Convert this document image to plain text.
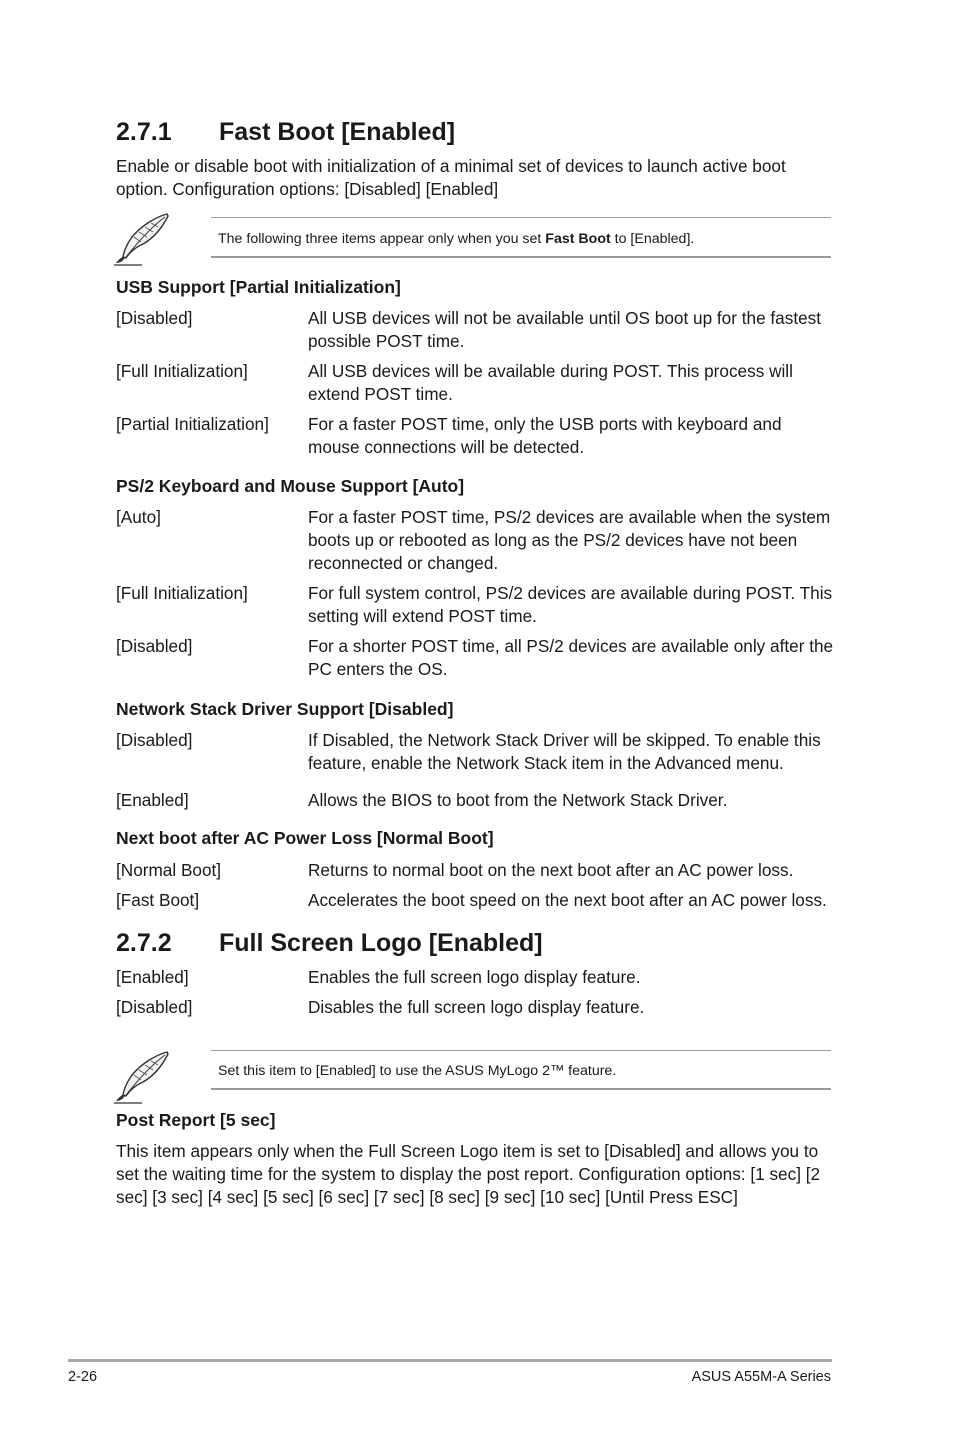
2.7.1 Fast Boot [Enabled]
Enable or disable boot with initialization of a minimal set of devices to launch active boot option. Configuration options: [Disabled] [Enabled]
The following three items appear only when you set Fast Boot to [Enabled].
USB Support [Partial Initialization]
[Disabled]	All USB devices will not be available until OS boot up for the fastest possible POST time.
[Full Initialization]	All USB devices will be available during POST. This process will extend POST time.
[Partial Initialization] For a faster POST time, only the USB ports with keyboard and mouse connections will be detected.
PS/2 Keyboard and Mouse Support [Auto]
[Auto]	For a faster POST time, PS/2 devices are available when the system boots up or rebooted as long as the PS/2 devices have not been reconnected or changed.
[Full Initialization]	For full system control, PS/2 devices are available during POST. This setting will extend POST time.
[Disabled]	For a shorter POST time, all PS/2 devices are available only after the PC enters the OS.
Network Stack Driver Support [Disabled]
[Disabled]	If Disabled, the Network Stack Driver will be skipped. To enable this feature, enable the Network Stack item in the Advanced menu.
[Enabled]	Allows the BIOS to boot from the Network Stack Driver.
Next boot after AC Power Loss [Normal Boot]
[Normal Boot]	Returns to normal boot on the next boot after an AC power loss.
[Fast Boot]	Accelerates the boot speed on the next boot after an AC power loss.
2.7.2 Full Screen Logo [Enabled]
[Enabled]	Enables the full screen logo display feature.
[Disabled]	Disables the full screen logo display feature.
Set this item to [Enabled] to use the ASUS MyLogo 2™ feature.
Post Report [5 sec]
This item appears only when the Full Screen Logo item is set to [Disabled] and allows you to set the waiting time for the system to display the post report. Configuration options: [1 sec] [2 sec] [3 sec] [4 sec] [5 sec] [6 sec] [7 sec] [8 sec] [9 sec] [10 sec] [Until Press ESC]
2-26	ASUS A55M-A Series
